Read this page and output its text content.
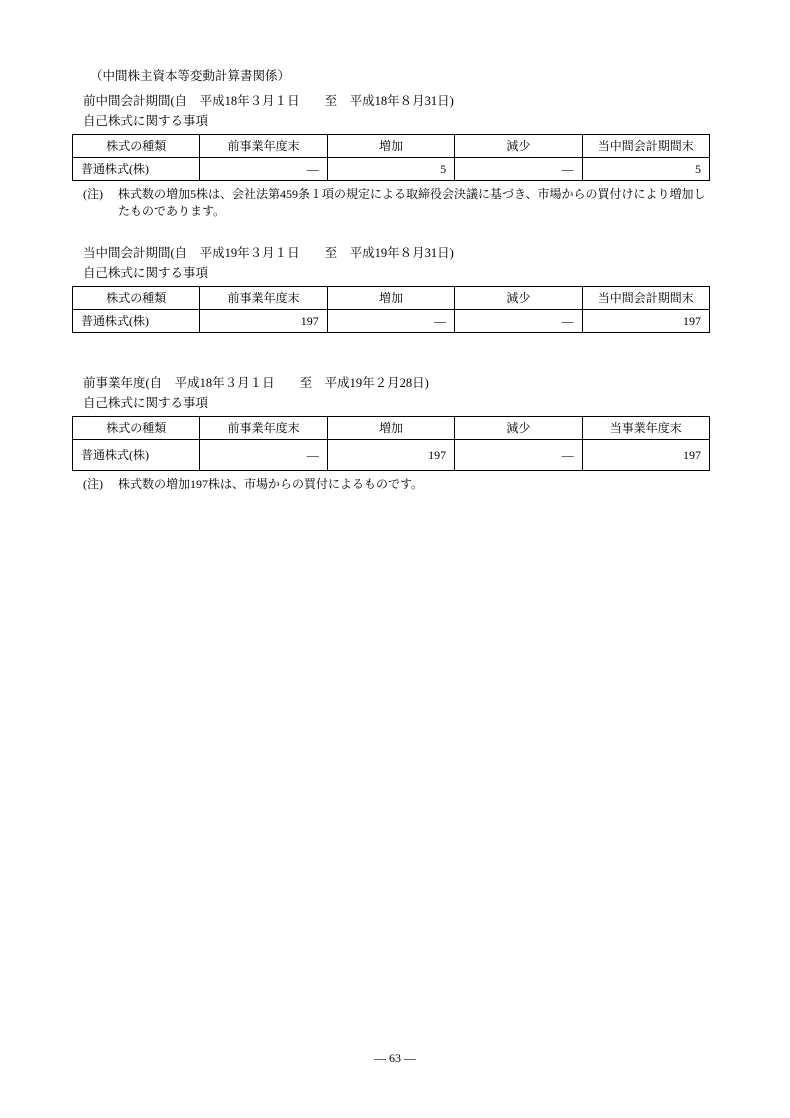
（中間株主資本等変動計算書関係）
前中間会計期間(自　平成18年３月１日　　至　平成18年８月31日)
自己株式に関する事項
株式の種類	前事業年度末	増加	減少	当中間会計期間末
普通株式(株)	―	5	―	5
(注)	株式数の増加5株は、会社法第459条１項の規定による取締役会決議に基づき、市場からの買付けにより増加したものであります。
当中間会計期間(自　平成19年３月１日　　至　平成19年８月31日)
自己株式に関する事項
株式の種類	前事業年度末	増加	減少	当中間会計期間末
普通株式(株)	197	―	―	197
前事業年度(自　平成18年３月１日　　至　平成19年２月28日)
自己株式に関する事項
株式の種類	前事業年度末	増加	減少	当事業年度末
普通株式(株)	―	197	―	197
(注)	株式数の増加197株は、市場からの買付によるものです。
― 63 ―
